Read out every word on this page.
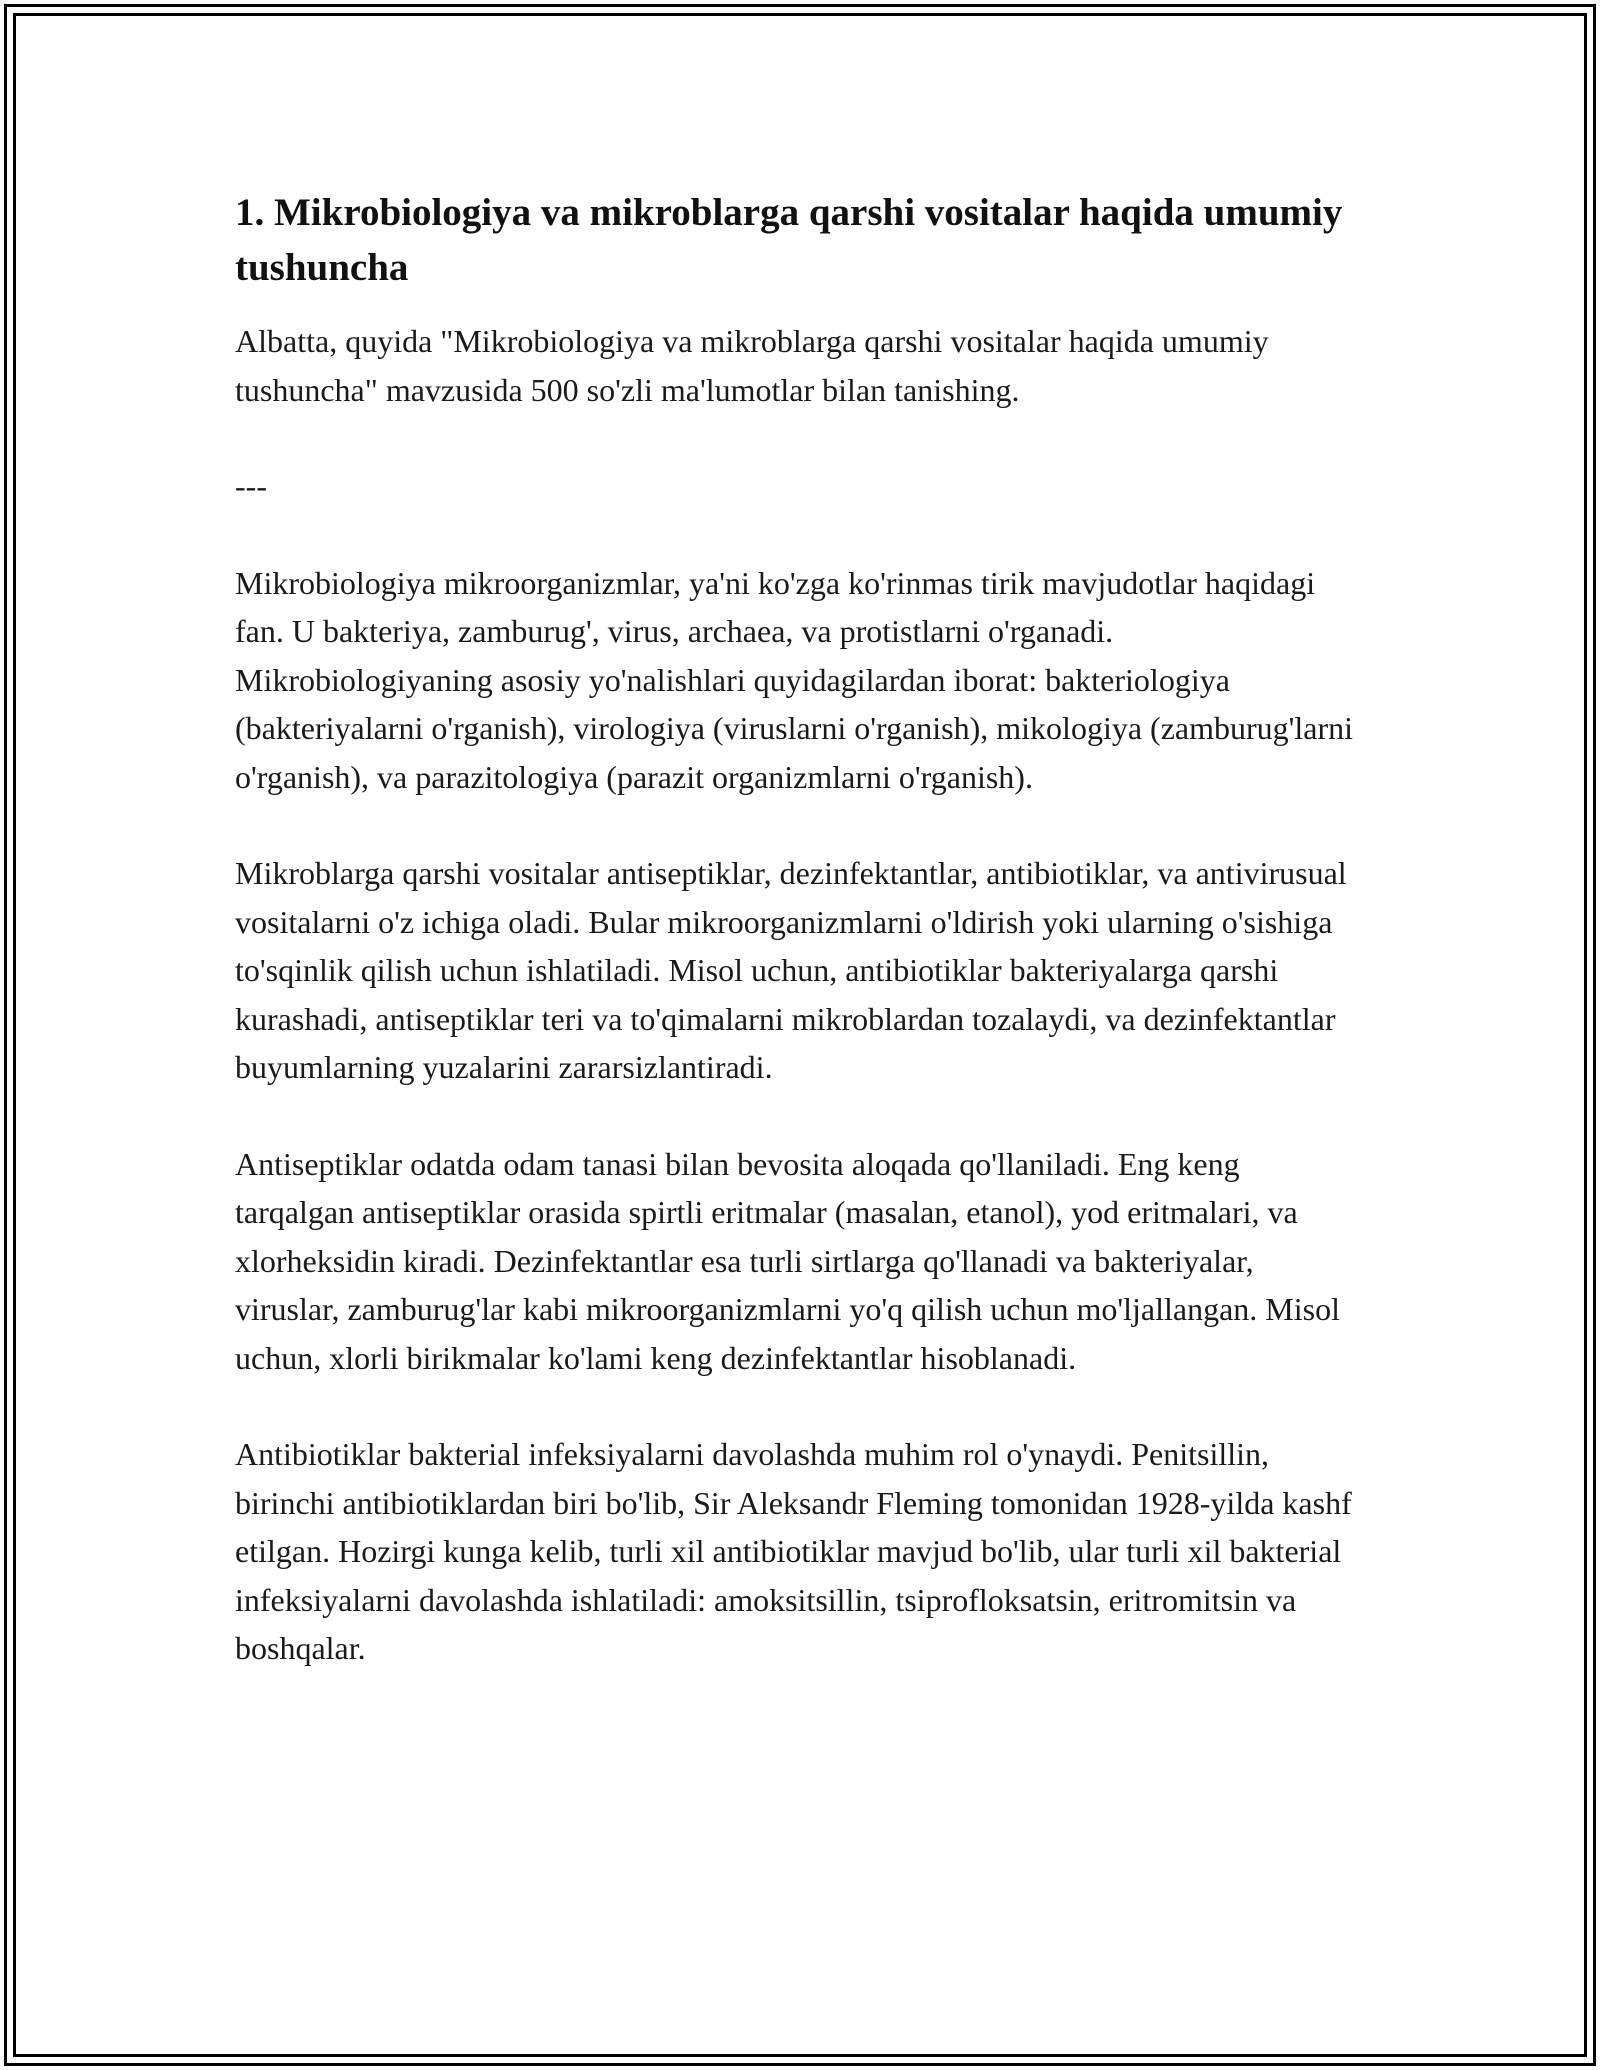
1. Mikrobiologiya va mikroblarga qarshi vositalar haqida umumiy tushuncha

Albatta, quyida "Mikrobiologiya va mikroblarga qarshi vositalar haqida umumiy tushuncha" mavzusida 500 so'zli ma'lumotlar bilan tanishing.

---

Mikrobiologiya mikroorganizmlar, ya'ni ko'zga ko'rinmas tirik mavjudotlar haqidagi fan. U bakteriya, zamburug', virus, archaea, va protistlarni o'rganadi. Mikrobiologiyaning asosiy yo'nalishlari quyidagilardan iborat: bakteriologiya (bakteriyalarni o'rganish), virologiya (viruslarni o'rganish), mikologiya (zamburug'larni o'rganish), va parazitologiya (parazit organizmlarni o'rganish).

Mikroblarga qarshi vositalar antiseptiklar, dezinfektantlar, antibiotiklar, va antivirusual vositalarni o'z ichiga oladi. Bular mikroorganizmlarni o'ldirish yoki ularning o'sishiga to'sqinlik qilish uchun ishlatiladi. Misol uchun, antibiotiklar bakteriyalarga qarshi kurashadi, antiseptiklar teri va to'qimalarni mikroblardan tozalaydi, va dezinfektantlar buyumlarning yuzalarini zararsizlantiradi.

Antiseptiklar odatda odam tanasi bilan bevosita aloqada qo'llaniladi. Eng keng tarqalgan antiseptiklar orasida spirtli eritmalar (masalan, etanol), yod eritmalari, va xlorheksidin kiradi. Dezinfektantlar esa turli sirtlarga qo'llanadi va bakteriyalar, viruslar, zamburug'lar kabi mikroorganizmlarni yo'q qilish uchun mo'ljallangan. Misol uchun, xlorli birikmalar ko'lami keng dezinfektantlar hisoblanadi.

Antibiotiklar bakterial infeksiyalarni davolashda muhim rol o'ynaydi. Penitsillin, birinchi antibiotiklardan biri bo'lib, Sir Aleksandr Fleming tomonidan 1928-yilda kashf etilgan. Hozirgi kunga kelib, turli xil antibiotiklar mavjud bo'lib, ular turli xil bakterial infeksiyalarni davolashda ishlatiladi: amoksitsillin, tsiprofloksatsin, eritromitsin va boshqalar.
